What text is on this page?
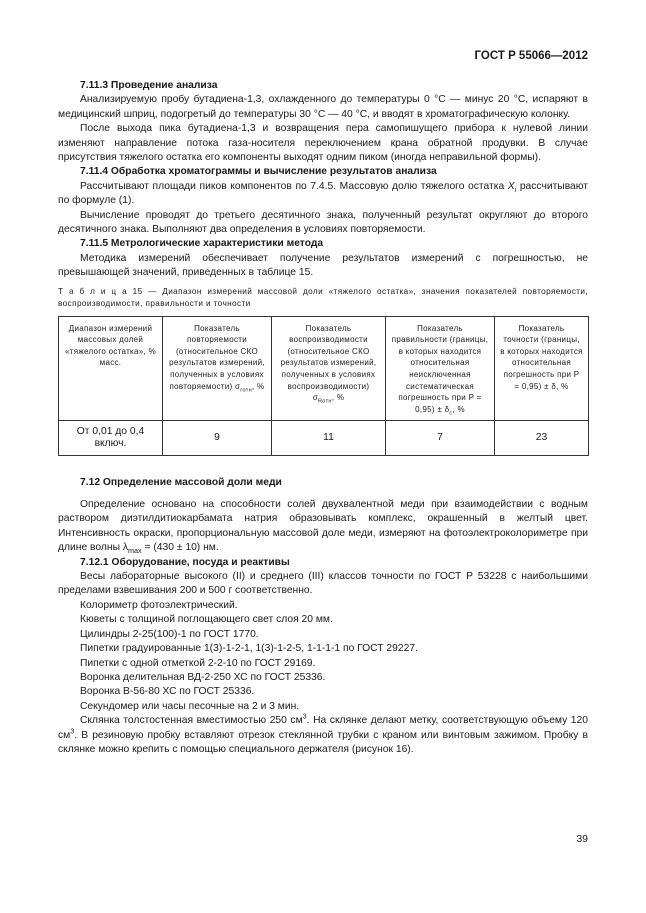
ГОСТ Р 55066—2012

7.11.3 Проведение анализа

Анализируемую пробу бутадиена-1,3, охлажденного до температуры 0 °С — минус 20 °С, испаряют в медицинский шприц, подогретый до температуры 30 °С — 40 °С, и вводят в хроматографическую колонку.

После выхода пика бутадиена-1,3 и возвращения пера самопишущего прибора к нулевой линии изменяют направление потока газа-носителя переключением крана обратной продувки. В случае присутствия тяжелого остатка его компоненты выходят одним пиком (иногда неправильной формы).

7.11.4 Обработка хроматограммы и вычисление результатов анализа

Рассчитывают площади пиков компонентов по 7.4.5. Массовую долю тяжелого остатка $X_i$ рассчитывают по формуле (1).

Вычисление проводят до третьего десятичного знака, полученный результат округляют до второго десятичного знака. Выполняют два определения в условиях повторяемости.

7.11.5 Метрологические характеристики метода

Методика измерений обеспечивает получение результатов измерений с погрешностью, не превышающей значений, приведенных в таблице 15.

Т а б л и ц а 15 — Диапазон измерений массовой доли «тяжелого остатка», значения показателей повторяемости, воспроизводимости, правильности и точности
Диапазон измерений массовых долей «тяжелого остатка», % масс.	Показатель повторяемости (относительное СКО результатов измерений, полученных в условиях повторяемости) $\sigma_{rотн}$, %	Показатель воспроизводимости (относительное СКО результатов измерений, полученных в условиях воспроизводимости) $\sigma_{Rотн}$, %	Показатель правильности (границы, в которых находится относительная неисключенная систематическая погрешность при $P = 0,95) \pm \delta_с$, %	Показатель точности (границы, в которых находится относительная погрешность при P = 0,95) ± δ, %
От 0,01 до 0,4 включ.	9	11	7	23

7.12 Определение массовой доли меди

Определение основано на способности солей двухвалентной меди при взаимодействии с водным раствором диэтилдитиокарбамата натрия образовывать комплекс, окрашенный в желтый цвет. Интенсивность окраски, пропорциональную массовой доле меди, измеряют на фотоэлектроколориметре при длине волны $\lambda_{max} = (430 \pm 10)$ нм.

7.12.1 Оборудование, посуда и реактивы

Весы лабораторные высокого (II) и среднего (III) классов точности по ГОСТ Р 53228 с наибольшими пределами взвешивания 200 и 500 г соответственно.

Колориметр фотоэлектрический.

Кюветы с толщиной поглощающего свет слоя 20 мм.

Цилиндры 2-25(100)-1 по ГОСТ 1770.

Пипетки градуированные 1(3)-1-2-1, 1(3)-1-2-5, 1-1-1-1 по ГОСТ 29227.

Пипетки с одной отметкой 2-2-10 по ГОСТ 29169.

Воронка делительная ВД-2-250 ХС по ГОСТ 25336.

Воронка В-56-80 ХС по ГОСТ 25336.

Секундомер или часы песочные на 2 и 3 мин.

Склянка толстостенная вместимостью 250 $см^3$. На склянке делают метку, соответствующую объему 120 $см^3$. В резиновую пробку вставляют отрезок стеклянной трубки с краном или винтовым зажимом. Пробку в склянке можно крепить с помощью специального держателя (рисунок 16).

39
